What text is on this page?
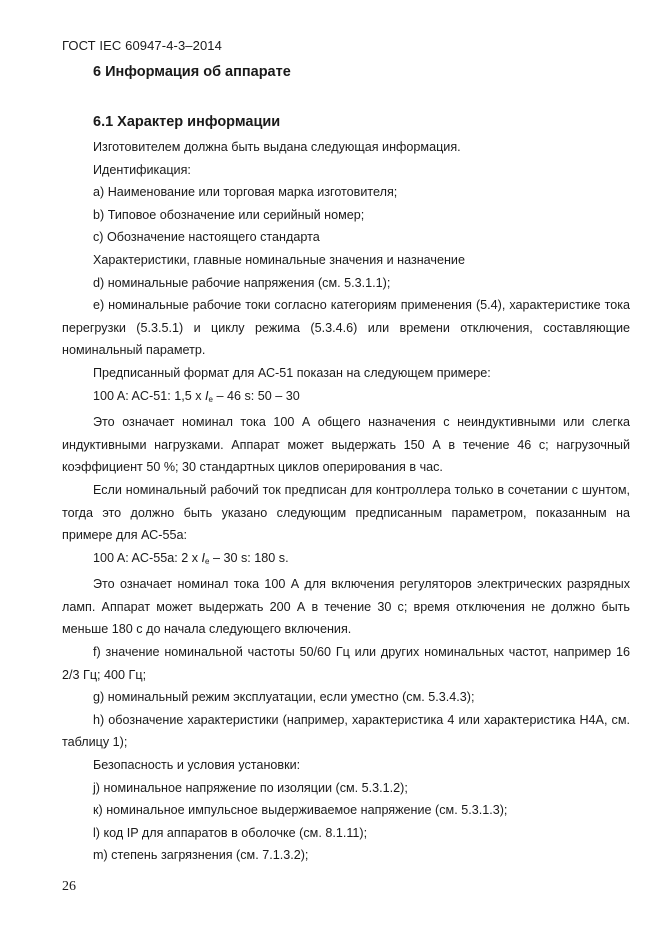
ГОСТ IEC 60947-4-3–2014
6 Информация об аппарате
6.1 Характер информации

Изготовителем должна быть выдана следующая информация.

Идентификация:

a) Наименование или торговая марка изготовителя;

b) Типовое обозначение или серийный номер;

c) Обозначение настоящего стандарта

Характеристики, главные номинальные значения и назначение

d) номинальные рабочие напряжения (см. 5.3.1.1);

e) номинальные рабочие токи согласно категориям применения (5.4), характеристике тока перегрузки (5.3.5.1) и циклу режима (5.3.4.6) или времени отключения, составляющие номинальный параметр.

Предписанный формат для АС-51 показан на следующем примере:

100 A: AC-51: 1,5 х $I_e - 46$ s: 50 – 30

Это означает номинал тока 100 А общего назначения с неиндуктивными или слегка индуктивными нагрузками. Аппарат может выдержать 150 А в течение 46 с; нагрузочный коэффициент 50 %; 30 стандартных циклов оперирования в час.

Если номинальный рабочий ток предписан для контроллера только в сочетании с шунтом, тогда это должно быть указано следующим предписанным параметром, показанным на примере для АС-55а:

100 A: AC-55a: 2 х $I_e - 30$ s: 180 s.

Это означает номинал тока 100 А для включения регуляторов электрических разрядных ламп. Аппарат может выдержать 200 А в течение 30 с; время отключения не должно быть меньше 180 с до начала следующего включения.

f) значение номинальной частоты 50/60 Гц или других номинальных частот, например 16 2/3 Гц; 400 Гц;

g) номинальный режим эксплуатации, если уместно (см. 5.3.4.3);

h) обозначение характеристики (например, характеристика 4 или характеристика Н4А, см. таблицу 1);

Безопасность и условия установки:

j) номинальное напряжение по изоляции (см. 5.3.1.2);

к) номинальное импульсное выдерживаемое напряжение (см. 5.3.1.3);

l) код IP для аппаратов в оболочке (см. 8.1.11);

m) степень загрязнения (см. 7.1.3.2);

26
